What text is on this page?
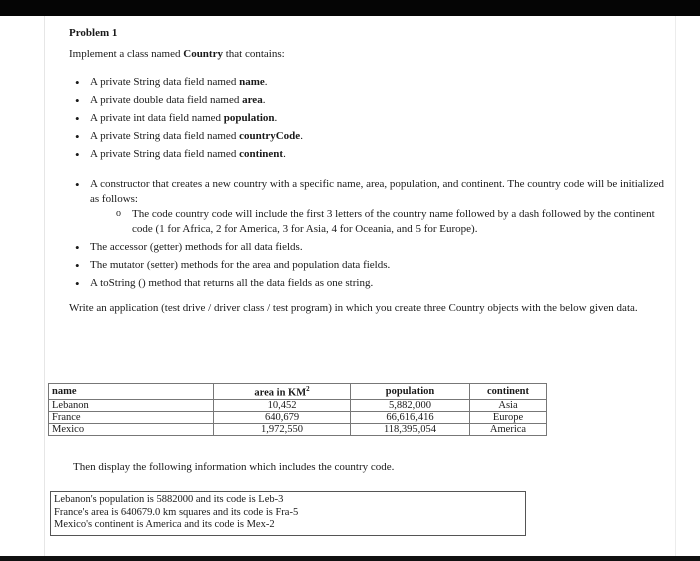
Problem 1

Implement a class named Country that contains:

• A private String data field named name.
• A private double data field named area.
• A private int data field named population.
• A private String data field named countryCode.
• A private String data field named continent.
• A constructor that creates a new country with a specific name, area, population, and continent. The country code will be initialized as follows:
o The code country code will include the first 3 letters of the country name followed by a dash followed by the continent code (1 for Africa, 2 for America, 3 for Asia, 4 for Oceania, and 5 for Europe).
• The accessor (getter) methods for all data fields.
• The mutator (setter) methods for the area and population data fields.
• A toString () method that returns all the data fields as one string.

Write an application (test drive / driver class / test program) in which you create three Country objects with the below given data.

name	area in $KM^2$	population	continent
Lebanon	10,452	5,882,000	Asia
France	640,679	66,616,416	Europe
Mexico	1,972,550	118,395,054	America
Then display the following information which includes the country code.
Lebanon's population is 5882000 and its code is Leb-3
France's area is 640679.0 km squares and its code is Fra-5
Mexico's continent is America and its code is Mex-2
